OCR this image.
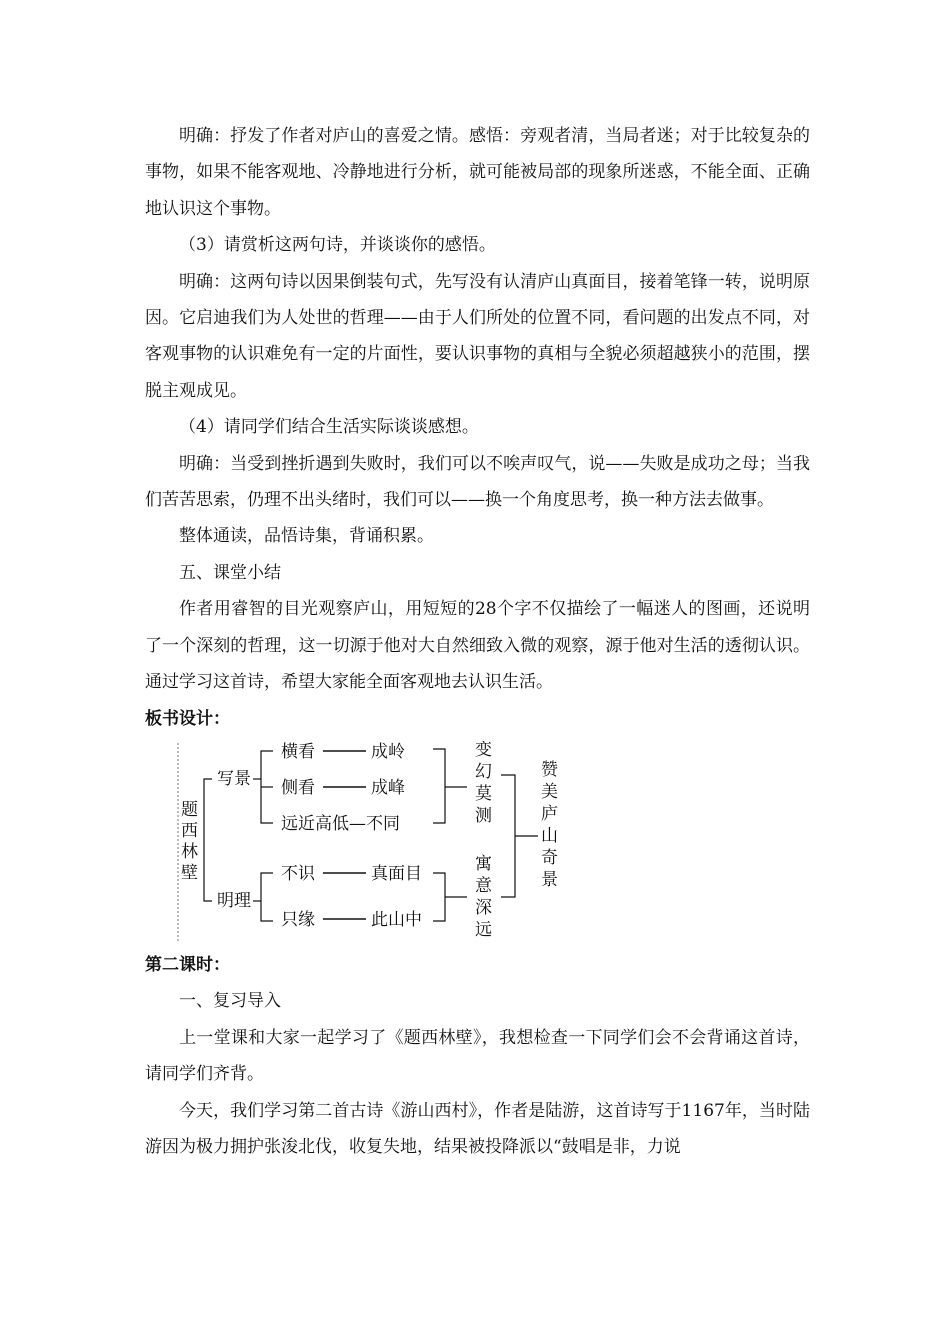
明确：抒发了作者对庐山的喜爱之情。感悟：旁观者清，当局者迷；对于比较复杂的事物，如果不能客观地、冷静地进行分析，就可能被局部的现象所迷惑，不能全面、正确地认识这个事物。

（3）请赏析这两句诗，并谈谈你的感悟。

明确：这两句诗以因果倒装句式，先写没有认清庐山真面目，接着笔锋一转，说明原因。它启迪我们为人处世的哲理——由于人们所处的位置不同，看问题的出发点不同，对客观事物的认识难免有一定的片面性，要认识事物的真相与全貌必须超越狭小的范围，摆脱主观成见。

（4）请同学们结合生活实际谈谈感想。

明确：当受到挫折遇到失败时，我们可以不唉声叹气，说——失败是成功之母；当我们苦苦思索，仍理不出头绪时，我们可以——换一个角度思考，换一种方法去做事。

整体通读，品悟诗集，背诵积累。

五、课堂小结

作者用睿智的目光观察庐山，用短短的28个字不仅描绘了一幅迷人的图画，还说明了一个深刻的哲理，这一切源于他对大自然细致入微的观察，源于他对生活的透彻认识。通过学习这首诗，希望大家能全面客观地去认识生活。

板书设计：

题
西
林
壁
写景
明理
横看	成岭
侧看	成峰
远近高低—不同
不识	真面目
只缘	此山中
变
幻
莫
测
寓
意
深
远
赞
美
庐
山
奇
景

第二课时：

一、复习导入

上一堂课和大家一起学习了《题西林壁》，我想检查一下同学们会不会背诵这首诗，请同学们齐背。

今天，我们学习第二首古诗《游山西村》，作者是陆游，这首诗写于1167年，当时陆游因为极力拥护张浚北伐，收复失地，结果被投降派以“鼓唱是非，力说
